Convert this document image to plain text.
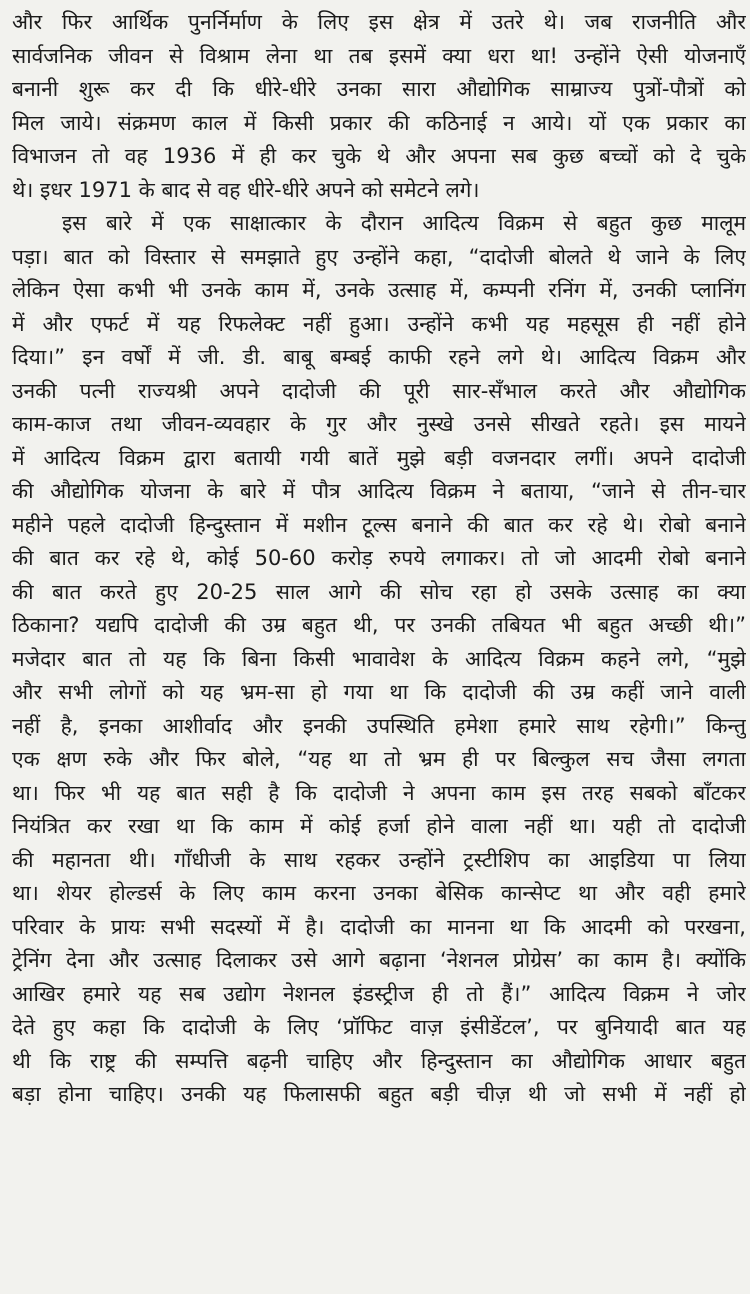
और फिर आर्थिक पुनर्निर्माण के लिए इस क्षेत्र में उतरे थे। जब राजनीति और
सार्वजनिक जीवन से विश्राम लेना था तब इसमें क्या धरा था! उन्होंने ऐसी योजनाएँ
बनानी शुरू कर दी कि धीरे-धीरे उनका सारा औद्योगिक साम्राज्य पुत्रों-पौत्रों को
मिल जाये। संक्रमण काल में किसी प्रकार की कठिनाई न आये। यों एक प्रकार का
विभाजन तो वह 1936 में ही कर चुके थे और अपना सब कुछ बच्चों को दे चुके
थे। इधर 1971 के बाद से वह धीरे-धीरे अपने को समेटने लगे।
इस बारे में एक साक्षात्कार के दौरान आदित्य विक्रम से बहुत कुछ मालूम
पड़ा। बात को विस्तार से समझाते हुए उन्होंने कहा, “दादोजी बोलते थे जाने के लिए
लेकिन ऐसा कभी भी उनके काम में, उनके उत्साह में, कम्पनी रनिंग में, उनकी प्लानिंग
में और एफर्ट में यह रिफलेक्ट नहीं हुआ। उन्होंने कभी यह महसूस ही नहीं होने
दिया।” इन वर्षों में जी. डी. बाबू बम्बई काफी रहने लगे थे। आदित्य विक्रम और
उनकी पत्नी राज्यश्री अपने दादोजी की पूरी सार-सँभाल करते और औद्योगिक
काम-काज तथा जीवन-व्यवहार के गुर और नुस्खे उनसे सीखते रहते। इस मायने
में आदित्य विक्रम द्वारा बतायी गयी बातें मुझे बड़ी वजनदार लगीं। अपने दादोजी
की औद्योगिक योजना के बारे में पौत्र आदित्य विक्रम ने बताया, “जाने से तीन-चार
महीने पहले दादोजी हिन्दुस्तान में मशीन टूल्स बनाने की बात कर रहे थे। रोबो बनाने
की बात कर रहे थे, कोई 50-60 करोड़ रुपये लगाकर। तो जो आदमी रोबो बनाने
की बात करते हुए 20-25 साल आगे की सोच रहा हो उसके उत्साह का क्या
ठिकाना? यद्यपि दादोजी की उम्र बहुत थी, पर उनकी तबियत भी बहुत अच्छी थी।”
मजेदार बात तो यह कि बिना किसी भावावेश के आदित्य विक्रम कहने लगे, “मुझे
और सभी लोगों को यह भ्रम-सा हो गया था कि दादोजी की उम्र कहीं जाने वाली
नहीं है, इनका आशीर्वाद और इनकी उपस्थिति हमेशा हमारे साथ रहेगी।” किन्तु
एक क्षण रुके और फिर बोले, “यह था तो भ्रम ही पर बिल्कुल सच जैसा लगता
था। फिर भी यह बात सही है कि दादोजी ने अपना काम इस तरह सबको बाँटकर
नियंत्रित कर रखा था कि काम में कोई हर्जा होने वाला नहीं था। यही तो दादोजी
की महानता थी। गाँधीजी के साथ रहकर उन्होंने ट्रस्टीशिप का आइडिया पा लिया
था। शेयर होल्डर्स के लिए काम करना उनका बेसिक कान्सेप्ट था और वही हमारे
परिवार के प्रायः सभी सदस्यों में है। दादोजी का मानना था कि आदमी को परखना,
ट्रेनिंग देना और उत्साह दिलाकर उसे आगे बढ़ाना ‘नेशनल प्रोग्रेस’ का काम है। क्योंकि
आखिर हमारे यह सब उद्योग नेशनल इंडस्ट्रीज ही तो हैं।” आदित्य विक्रम ने जोर
देते हुए कहा कि दादोजी के लिए ‘प्रॉफिट वाज़ इंसीडेंटल’, पर बुनियादी बात यह
थी कि राष्ट्र की सम्पत्ति बढ़नी चाहिए और हिन्दुस्तान का औद्योगिक आधार बहुत
बड़ा होना चाहिए। उनकी यह फिलासफी बहुत बड़ी चीज़ थी जो सभी में नहीं हो
